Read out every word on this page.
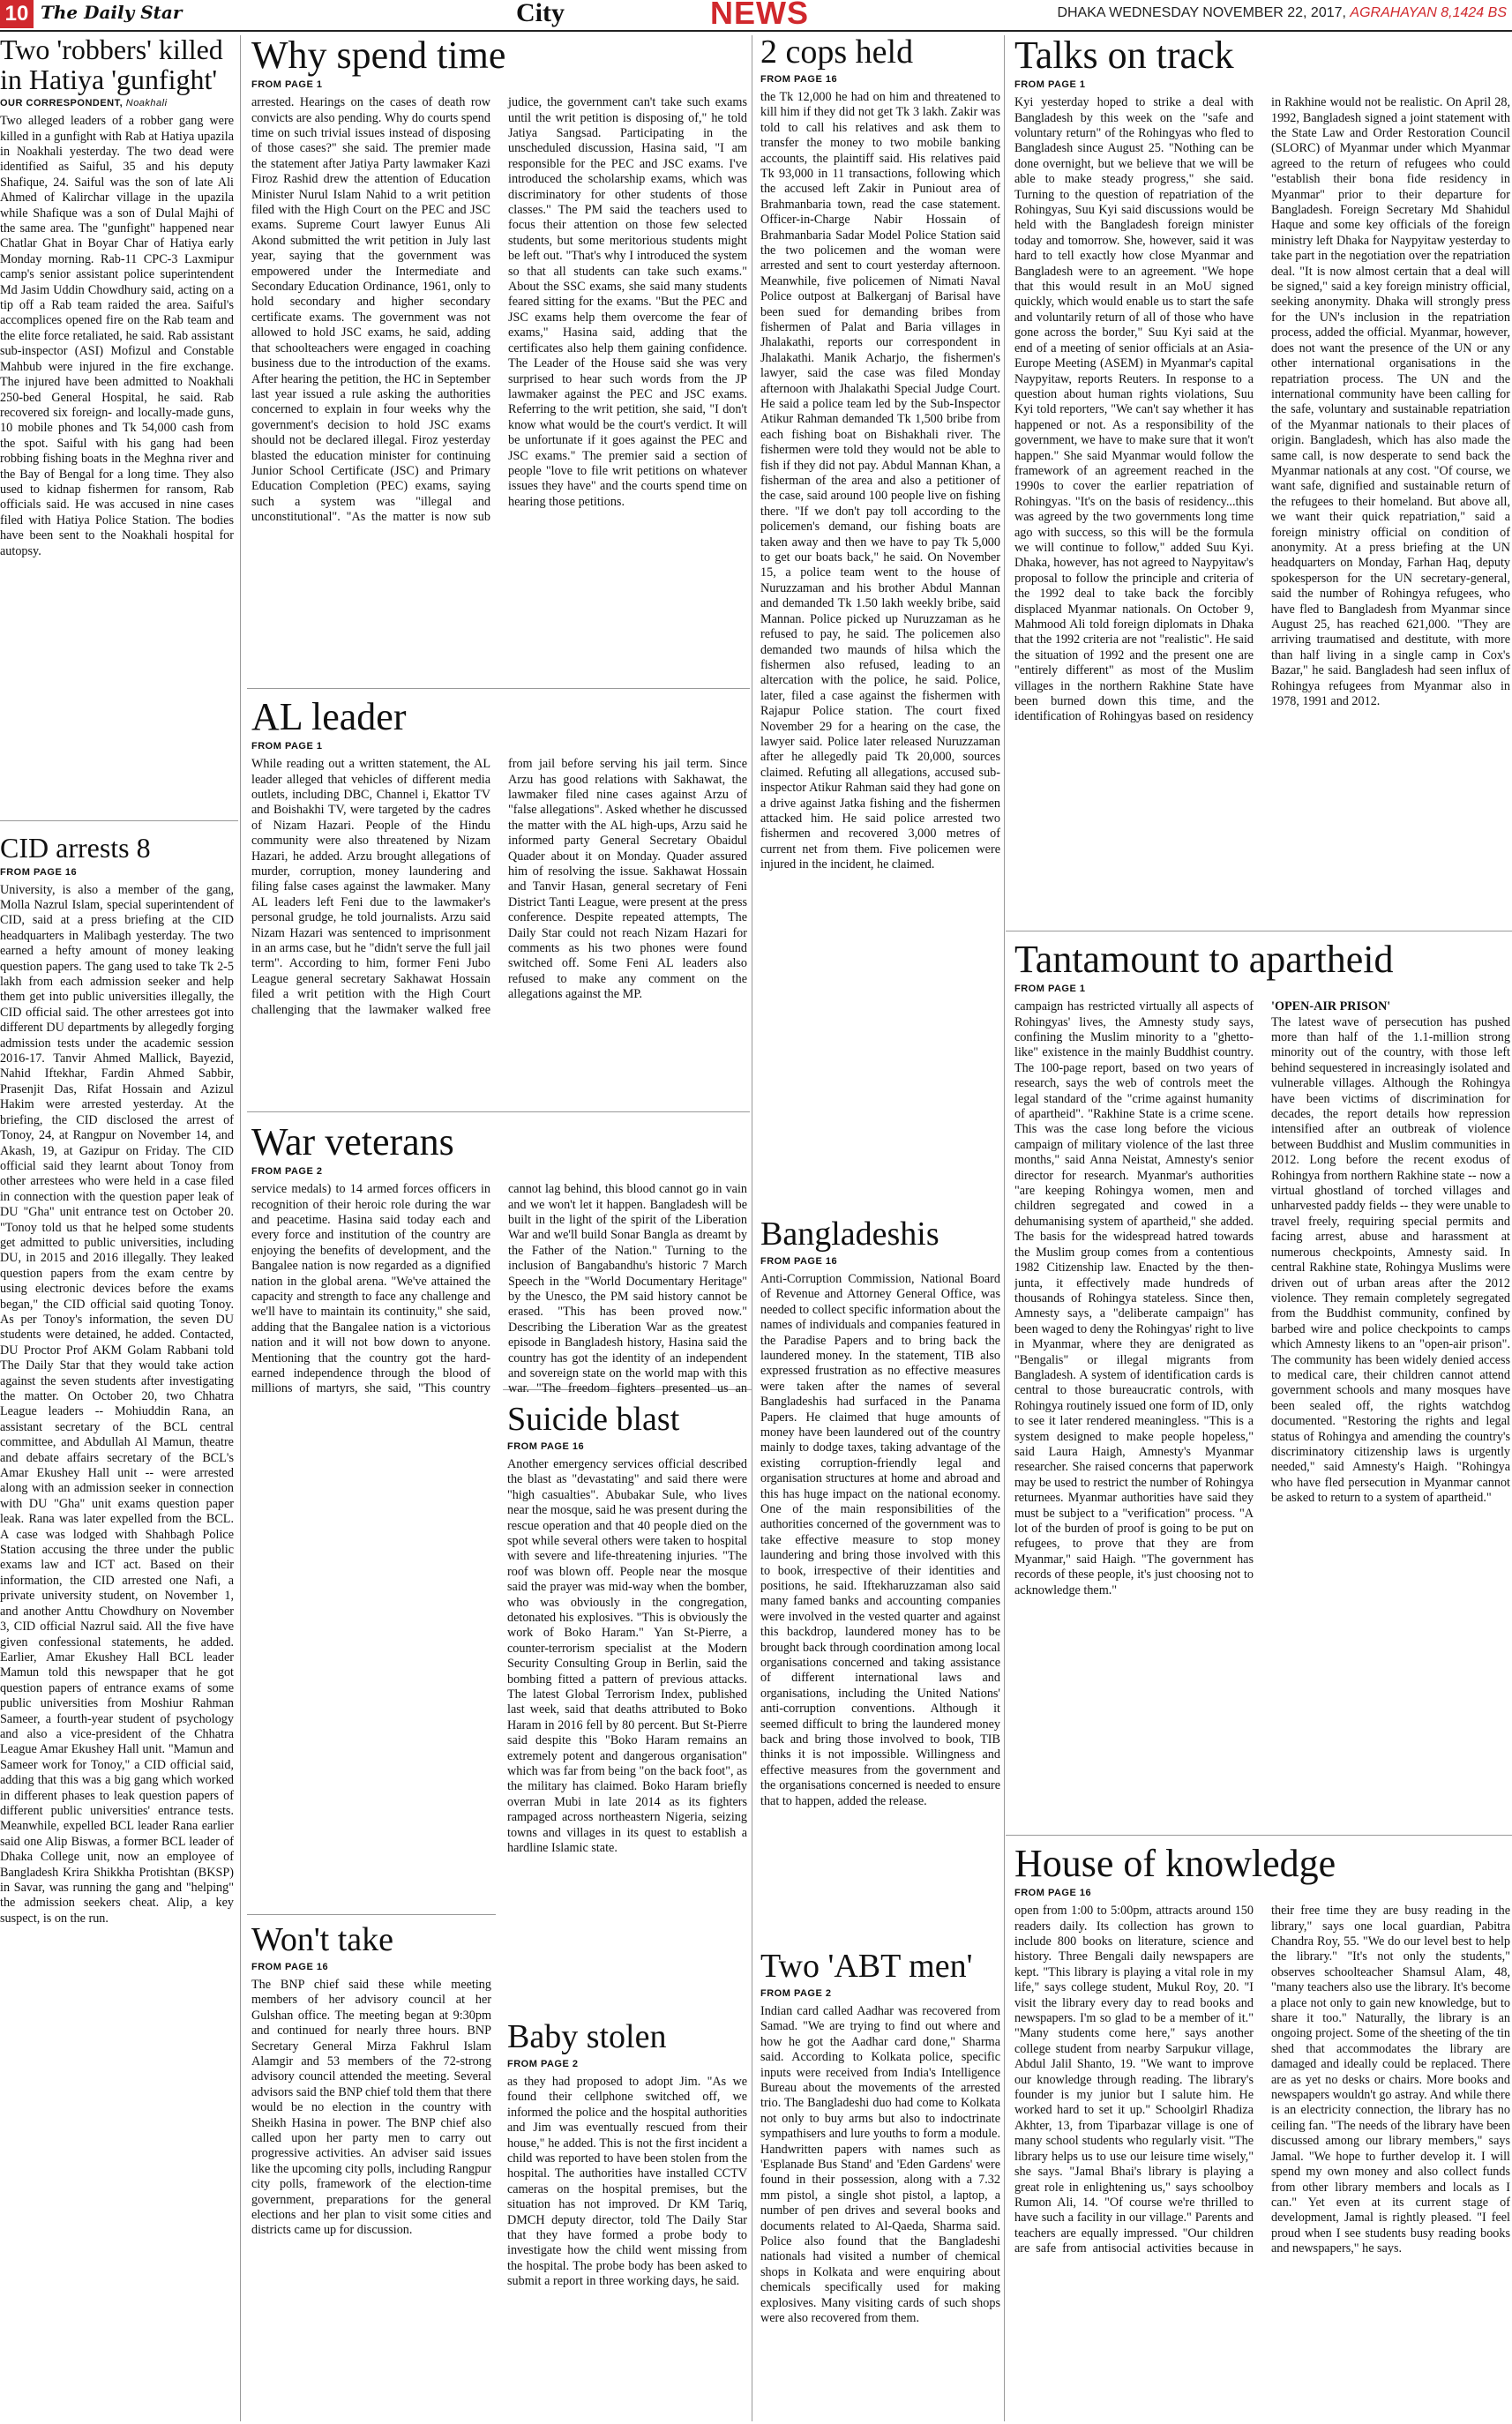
10 The Daily Star	City	NEWS	DHAKA WEDNESDAY NOVEMBER 22, 2017, AGRAHAYAN 8,1424 BS
Two 'robbers' killed in Hatiya 'gunfight'
OUR CORRESPONDENT, Noakhali
Two alleged leaders of a robber gang were killed in a gunfight with Rab at Hatiya upazila in Noakhali yesterday. The two dead were identified as Saiful, 35 and his deputy Shafique, 24. Saiful was the son of late Ali Ahmed of Kalirchar village in the upazila while Shafique was a son of Dulal Majhi of the same area. The "gunfight" happened near Chatlar Ghat in Boyar Char of Hatiya early Monday morning. Rab-11 CPC-3 Laxmipur camp's senior assistant police superintendent Md Jasim Uddin Chowdhury said, acting on a tip off a Rab team raided the area. Saiful's accomplices opened fire on the Rab team and the elite force retaliated, he said. Rab assistant sub-inspector (ASI) Mofizul and Constable Mahbub were injured in the fire exchange. The injured have been admitted to Noakhali 250-bed General Hospital, he said. Rab recovered six foreign- and locally-made guns, 10 mobile phones and Tk 54,000 cash from the spot. Saiful with his gang had been robbing fishing boats in the Meghna river and the Bay of Bengal for a long time. They also used to kidnap fishermen for ransom, Rab officials said. He was accused in nine cases filed with Hatiya Police Station. The bodies have been sent to the Noakhali hospital for autopsy.
CID arrests 8
FROM PAGE 16
University, is also a member of the gang, Molla Nazrul Islam, special superintendent of CID, said at a press briefing at the CID headquarters in Malibagh yesterday. The two earned a hefty amount of money leaking question papers. The gang used to take Tk 2-5 lakh from each admission seeker and help them get into public universities illegally, the CID official said. The other arrestees got into different DU departments by allegedly forging admission tests under the academic session 2016-17. Tanvir Ahmed Mallick, Bayezid, Nahid Iftekhar, Fardin Ahmed Sabbir, Prasenjit Das, Rifat Hossain and Azizul Hakim were arrested yesterday. At the briefing, the CID disclosed the arrest of Tonoy, 24, at Rangpur on November 14, and Akash, 19, at Gazipur on Friday. The CID official said they learnt about Tonoy from other arrestees who were held in a case filed in connection with the question paper leak of DU "Gha" unit entrance test on October 20. "Tonoy told us that he helped some students get admitted to public universities, including DU, in 2015 and 2016 illegally. They leaked question papers from the exam centre by using electronic devices before the exams began," the CID official said quoting Tonoy. As per Tonoy's information, the seven DU students were detained, he added. Contacted, DU Proctor Prof AKM Golam Rabbani told The Daily Star that they would take action against the seven students after investigating the matter. On October 20, two Chhatra League leaders -- Mohiuddin Rana, an assistant secretary of the BCL central committee, and Abdullah Al Mamun, theatre and debate affairs secretary of the BCL's Amar Ekushey Hall unit -- were arrested along with an admission seeker in connection with DU "Gha" unit exams question paper leak. Rana was later expelled from the BCL. A case was lodged with Shahbagh Police Station accusing the three under the public exams law and ICT act. Based on their information, the CID arrested one Nafi, a private university student, on November 1, and another Anttu Chowdhury on November 3, CID official Nazrul said. All the five have given confessional statements, he added. Earlier, Amar Ekushey Hall BCL leader Mamun told this newspaper that he got question papers of entrance exams of some public universities from Moshiur Rahman Sameer, a fourth-year student of psychology and also a vice-president of the Chhatra League Amar Ekushey Hall unit. "Mamun and Sameer work for Tonoy," a CID official said, adding that this was a big gang which worked in different phases to leak question papers of different public universities' entrance tests. Meanwhile, expelled BCL leader Rana earlier said one Alip Biswas, a former BCL leader of Dhaka College unit, now an employee of Bangladesh Krira Shikkha Protishtan (BKSP) in Savar, was running the gang and "helping" the admission seekers cheat. Alip, a key suspect, is on the run.
Why spend time
FROM PAGE 1
arrested. Hearings on the cases of death row convicts are also pending. Why do courts spend time on such trivial issues instead of disposing of those cases?" she said. The premier made the statement after Jatiya Party lawmaker Kazi Firoz Rashid drew the attention of Education Minister Nurul Islam Nahid to a writ petition filed with the High Court on the PEC and JSC exams. Supreme Court lawyer Eunus Ali Akond submitted the writ petition in July last year, saying that the government was empowered under the Intermediate and Secondary Education Ordinance, 1961, only to hold secondary and higher secondary certificate exams. The government was not allowed to hold JSC exams, he said, adding that schoolteachers were engaged in coaching business due to the introduction of the exams. After hearing the petition, the HC in September last year issued a rule asking the authorities concerned to explain in four weeks why the government's decision to hold JSC exams should not be declared illegal. Firoz yesterday blasted the education minister for continuing Junior School Certificate (JSC) and Primary Education Completion (PEC) exams, saying such a system was "illegal and unconstitutional". "As the matter is now sub judice, the government can't take such exams until the writ petition is disposing of," he told Jatiya Sangsad. Participating in the unscheduled discussion, Hasina said, "I am responsible for the PEC and JSC exams. I've introduced the scholarship exams, which was discriminatory for other students of those classes." The PM said the teachers used to focus their attention on those few selected students, but some meritorious students might be left out. "That's why I introduced the system so that all students can take such exams." About the SSC exams, she said many students feared sitting for the exams. "But the PEC and JSC exams help them overcome the fear of exams," Hasina said, adding that the certificates also help them gaining confidence. The Leader of the House said she was very surprised to hear such words from the JP lawmaker against the PEC and JSC exams. Referring to the writ petition, she said, "I don't know what would be the court's verdict. It will be unfortunate if it goes against the PEC and JSC exams." The premier said a section of people "love to file writ petitions on whatever issues they have" and the courts spend time on hearing those petitions.
AL leader
FROM PAGE 1
While reading out a written statement, the AL leader alleged that vehicles of different media outlets, including DBC, Channel i, Ekattor TV and Boishakhi TV, were targeted by the cadres of Nizam Hazari. People of the Hindu community were also threatened by Nizam Hazari, he added. Arzu brought allegations of murder, corruption, money laundering and filing false cases against the lawmaker. Many AL leaders left Feni due to the lawmaker's personal grudge, he told journalists. Arzu said Nizam Hazari was sentenced to imprisonment in an arms case, but he "didn't serve the full jail term". According to him, former Feni Jubo League general secretary Sakhawat Hossain filed a writ petition with the High Court challenging that the lawmaker walked free from jail before serving his jail term. Since Arzu has good relations with Sakhawat, the lawmaker filed nine cases against Arzu of "false allegations". Asked whether he discussed the matter with the AL high-ups, Arzu said he informed party General Secretary Obaidul Quader about it on Monday. Quader assured him of resolving the issue. Sakhawat Hossain and Tanvir Hasan, general secretary of Feni District Tanti League, were present at the press conference. Despite repeated attempts, The Daily Star could not reach Nizam Hazari for comments as his two phones were found switched off. Some Feni AL leaders also refused to make any comment on the allegations against the MP.
War veterans
FROM PAGE 2
service medals) to 14 armed forces officers in recognition of their heroic role during the war and peacetime. Hasina said today each and every force and institution of the country are enjoying the benefits of development, and the Bangalee nation is now regarded as a dignified nation in the global arena. "We've attained the capacity and strength to face any challenge and we'll have to maintain its continuity," she said, adding that the Bangalee nation is a victorious nation and it will not bow down to anyone. Mentioning that the country got the hard-earned independence through the blood of millions of martyrs, she said, "This country cannot lag behind, this blood cannot go in vain and we won't let it happen. Bangladesh will be built in the light of the spirit of the Liberation War and we'll build Sonar Bangla as dreamt by the Father of the Nation." Turning to the inclusion of Bangabandhu's historic 7 March Speech in the "World Documentary Heritage" by the Unesco, the PM said history cannot be erased. "This has been proved now." Describing the Liberation War as the greatest episode in Bangladesh history, Hasina said the country has got the identity of an independent and sovereign state on the world map with this war. "The freedom fighters presented us an
Won't take
FROM PAGE 16
The BNP chief said these while meeting members of her advisory council at her Gulshan office. The meeting began at 9:30pm and continued for nearly three hours. BNP Secretary General Mirza Fakhrul Islam Alamgir and 53 members of the 72-strong advisory council attended the meeting. Several advisors said the BNP chief told them that there would be no election in the country with Sheikh Hasina in power. The BNP chief also called upon her party men to carry out progressive activities. An adviser said issues like the upcoming city polls, including Rangpur city polls, framework of the election-time government, preparations for the general elections and her plan to visit some cities and districts came up for discussion.
Suicide blast
FROM PAGE 16
Another emergency services official described the blast as "devastating" and said there were "high casualties". Abubakar Sule, who lives near the mosque, said he was present during the rescue operation and that 40 people died on the spot while several others were taken to hospital with severe and life-threatening injuries. "The roof was blown off. People near the mosque said the prayer was mid-way when the bomber, who was obviously in the congregation, detonated his explosives. "This is obviously the work of Boko Haram." Yan St-Pierre, a counter-terrorism specialist at the Modern Security Consulting Group in Berlin, said the bombing fitted a pattern of previous attacks. The latest Global Terrorism Index, published last week, said that deaths attributed to Boko Haram in 2016 fell by 80 percent. But St-Pierre said despite this "Boko Haram remains an extremely potent and dangerous organisation" which was far from being "on the back foot", as the military has claimed. Boko Haram briefly overran Mubi in late 2014 as its fighters rampaged across northeastern Nigeria, seizing towns and villages in its quest to establish a hardline Islamic state.
Baby stolen
FROM PAGE 2
as they had proposed to adopt Jim. "As we found their cellphone switched off, we informed the police and the hospital authorities and Jim was eventually rescued from their house," he added. This is not the first incident a child was reported to have been stolen from the hospital. The authorities have installed CCTV cameras on the hospital premises, but the situation has not improved. Dr KM Tariq, DMCH deputy director, told The Daily Star that they have formed a probe body to investigate how the child went missing from the hospital. The probe body has been asked to submit a report in three working days, he said.
2 cops held
FROM PAGE 16
the Tk 12,000 he had on him and threatened to kill him if they did not get Tk 3 lakh. Zakir was told to call his relatives and ask them to transfer the money to two mobile banking accounts, the plaintiff said. His relatives paid Tk 93,000 in 11 transactions, following which the accused left Zakir in Puniout area of Brahmanbaria town, read the case statement. Officer-in-Charge Nabir Hossain of Brahmanbaria Sadar Model Police Station said the two policemen and the woman were arrested and sent to court yesterday afternoon. Meanwhile, five policemen of Nimati Naval Police outpost at Balkerganj of Barisal have been sued for demanding bribes from fishermen of Palat and Baria villages in Jhalakathi, reports our correspondent in Jhalakathi. Manik Acharjo, the fishermen's lawyer, said the case was filed Monday afternoon with Jhalakathi Special Judge Court. He said a police team led by the Sub-Inspector Atikur Rahman demanded Tk 1,500 bribe from each fishing boat on Bishakhali river. The fishermen were told they would not be able to fish if they did not pay. Abdul Mannan Khan, a fisherman of the area and also a petitioner of the case, said around 100 people live on fishing there. "If we don't pay toll according to the policemen's demand, our fishing boats are taken away and then we have to pay Tk 5,000 to get our boats back," he said. On November 15, a police team went to the house of Nuruzzaman and his brother Abdul Mannan and demanded Tk 1.50 lakh weekly bribe, said Mannan. Police picked up Nuruzzaman as he refused to pay, he said. The policemen also demanded two maunds of hilsa which the fishermen also refused, leading to an altercation with the police, he said. Police, later, filed a case against the fishermen with Rajapur Police station. The court fixed November 29 for a hearing on the case, the lawyer said. Police later released Nuruzzaman after he allegedly paid Tk 20,000, sources claimed. Refuting all allegations, accused sub-inspector Atikur Rahman said they had gone on a drive against Jatka fishing and the fishermen attacked him. He said police arrested two fishermen and recovered 3,000 metres of current net from them. Five policemen were injured in the incident, he claimed.
Bangladeshis
FROM PAGE 16
Anti-Corruption Commission, National Board of Revenue and Attorney General Office, was needed to collect specific information about the names of individuals and companies featured in the Paradise Papers and to bring back the laundered money. In the statement, TIB also expressed frustration as no effective measures were taken after the names of several Bangladeshis had surfaced in the Panama Papers. He claimed that huge amounts of money have been laundered out of the country mainly to dodge taxes, taking advantage of the existing corruption-friendly legal and organisation structures at home and abroad and this has huge impact on the national economy. One of the main responsibilities of the authorities concerned of the government was to take effective measure to stop money laundering and bring those involved with this to book, irrespective of their identities and positions, he said. Iftekharuzzaman also said many famed banks and accounting companies were involved in the vested quarter and against this backdrop, laundered money has to be brought back through coordination among local organisations concerned and taking assistance of different international laws and organisations, including the United Nations' anti-corruption conventions. Although it seemed difficult to bring the laundered money back and bring those involved to book, TIB thinks it is not impossible. Willingness and effective measures from the government and the organisations concerned is needed to ensure that to happen, added the release.
Two 'ABT men'
FROM PAGE 2
Indian card called Aadhar was recovered from Samad. "We are trying to find out where and how he got the Aadhar card done," Sharma said. According to Kolkata police, specific inputs were received from India's Intelligence Bureau about the movements of the arrested trio. The Bangladeshi duo had come to Kolkata not only to buy arms but also to indoctrinate sympathisers and lure youths to form a module. Handwritten papers with names such as 'Esplanade Bus Stand' and 'Eden Gardens' were found in their possession, along with a 7.32 mm pistol, a single shot pistol, a laptop, a number of pen drives and several books and documents related to Al-Qaeda, Sharma said. Police also found that the Bangladeshi nationals had visited a number of chemical shops in Kolkata and were enquiring about chemicals specifically used for making explosives. Many visiting cards of such shops were also recovered from them.
Talks on track
FROM PAGE 1
Kyi yesterday hoped to strike a deal with Bangladesh by this week on the "safe and voluntary return" of the Rohingyas who fled to Bangladesh since August 25. "Nothing can be done overnight, but we believe that we will be able to make steady progress," she said. Turning to the question of repatriation of the Rohingyas, Suu Kyi said discussions would be held with the Bangladesh foreign minister today and tomorrow. She, however, said it was hard to tell exactly how close Myanmar and Bangladesh were to an agreement. "We hope that this would result in an MoU signed quickly, which would enable us to start the safe and voluntarily return of all of those who have gone across the border," Suu Kyi said at the end of a meeting of senior officials at an Asia-Europe Meeting (ASEM) in Myanmar's capital Naypyitaw, reports Reuters. In response to a question about human rights violations, Suu Kyi told reporters, "We can't say whether it has happened or not. As a responsibility of the government, we have to make sure that it won't happen." She said Myanmar would follow the framework of an agreement reached in the 1990s to cover the earlier repatriation of Rohingyas. "It's on the basis of residency...this was agreed by the two governments long time ago with success, so this will be the formula we will continue to follow," added Suu Kyi. Dhaka, however, has not agreed to Naypyitaw's proposal to follow the principle and criteria of the 1992 deal to take back the forcibly displaced Myanmar nationals. On October 9, Mahmood Ali told foreign diplomats in Dhaka that the 1992 criteria are not "realistic". He said the situation of 1992 and the present one are "entirely different" as most of the Muslim villages in the northern Rakhine State have been burned down this time, and the identification of Rohingyas based on residency in Rakhine would not be realistic. On April 28, 1992, Bangladesh signed a joint statement with the State Law and Order Restoration Council (SLORC) of Myanmar under which Myanmar agreed to the return of refugees who could "establish their bona fide residency in Myanmar" prior to their departure for Bangladesh. Foreign Secretary Md Shahidul Haque and some key officials of the foreign ministry left Dhaka for Naypyitaw yesterday to take part in the negotiation over the repatriation deal. "It is now almost certain that a deal will be signed," said a key foreign ministry official, seeking anonymity. Dhaka will strongly press for the UN's inclusion in the repatriation process, added the official. Myanmar, however, does not want the presence of the UN or any other international organisations in the repatriation process. The UN and the international community have been calling for the safe, voluntary and sustainable repatriation of the Myanmar nationals to their places of origin. Bangladesh, which has also made the same call, is now desperate to send back the Myanmar nationals at any cost. "Of course, we want safe, dignified and sustainable return of the refugees to their homeland. But above all, we want their quick repatriation," said a foreign ministry official on condition of anonymity. At a press briefing at the UN headquarters on Monday, Farhan Haq, deputy spokesperson for the UN secretary-general, said the number of Rohingya refugees, who have fled to Bangladesh from Myanmar since August 25, has reached 621,000. "They are arriving traumatised and destitute, with more than half living in a single camp in Cox's Bazar," he said. Bangladesh had seen influx of Rohingya refugees from Myanmar also in 1978, 1991 and 2012.
Tantamount to apartheid
FROM PAGE 1
campaign has restricted virtually all aspects of Rohingyas' lives, the Amnesty study says, confining the Muslim minority to a "ghetto-like" existence in the mainly Buddhist country. The 100-page report, based on two years of research, says the web of controls meet the legal standard of the "crime against humanity of apartheid". "Rakhine State is a crime scene. This was the case long before the vicious campaign of military violence of the last three months," said Anna Neistat, Amnesty's senior director for research. Myanmar's authorities "are keeping Rohingya women, men and children segregated and cowed in a dehumanising system of apartheid," she added. The basis for the widespread hatred towards the Muslim group comes from a contentious 1982 Citizenship law. Enacted by the then-junta, it effectively made hundreds of thousands of Rohingya stateless. Since then, Amnesty says, a "deliberate campaign" has been waged to deny the Rohingyas' right to live in Myanmar, where they are denigrated as "Bengalis" or illegal migrants from Bangladesh. A system of identification cards is central to those bureaucratic controls, with Rohingya routinely issued one form of ID, only to see it later rendered meaningless. "This is a system designed to make people hopeless," said Laura Haigh, Amnesty's Myanmar researcher. She raised concerns that paperwork may be used to restrict the number of Rohingya returnees. Myanmar authorities have said they must be subject to a "verification" process. "A lot of the burden of proof is going to be put on refugees, to prove that they are from Myanmar," said Haigh. "The government has records of these people, it's just choosing not to acknowledge them."
'OPEN-AIR PRISON'
The latest wave of persecution has pushed more than half of the 1.1-million strong minority out of the country, with those left behind sequestered in increasingly isolated and vulnerable villages. Although the Rohingya have been victims of discrimination for decades, the report details how repression intensified after an outbreak of violence between Buddhist and Muslim communities in 2012. Long before the recent exodus of Rohingya from northern Rakhine state -- now a virtual ghostland of torched villages and unharvested paddy fields -- they were unable to travel freely, requiring special permits and facing arrest, abuse and harassment at numerous checkpoints, Amnesty said. In central Rakhine state, Rohingya Muslims were driven out of urban areas after the 2012 violence. They remain completely segregated from the Buddhist community, confined by barbed wire and police checkpoints to camps which Amnesty likens to an "open-air prison". The community has been widely denied access to medical care, their children cannot attend government schools and many mosques have been sealed off, the rights watchdog documented. "Restoring the rights and legal status of Rohingya and amending the country's discriminatory citizenship laws is urgently needed," said Amnesty's Haigh. "Rohingya who have fled persecution in Myanmar cannot be asked to return to a system of apartheid."
House of knowledge
FROM PAGE 16
open from 1:00 to 5:00pm, attracts around 150 readers daily. Its collection has grown to include 800 books on literature, science and history. Three Bengali daily newspapers are kept. "This library is playing a vital role in my life," says college student, Mukul Roy, 20. "I visit the library every day to read books and newspapers. I'm so glad to be a member of it." "Many students come here," says another college student from nearby Sarpukur village, Abdul Jalil Shanto, 19. "We want to improve our knowledge through reading. The library's founder is my junior but I salute him. He worked hard to set it up." Schoolgirl Rhadiza Akhter, 13, from Tiparbazar village is one of many school students who regularly visit. "The library helps us to use our leisure time wisely," she says. "Jamal Bhai's library is playing a great role in enlightening us," says schoolboy Rumon Ali, 14. "Of course we're thrilled to have such a facility in our village." Parents and teachers are equally impressed. "Our children are safe from antisocial activities because in their free time they are busy reading in the library," says one local guardian, Pabitra Chandra Roy, 55. "We do our level best to help the library." "It's not only the students," observes schoolteacher Shamsul Alam, 48, "many teachers also use the library. It's become a place not only to gain new knowledge, but to share it too." Naturally, the library is an ongoing project. Some of the sheeting of the tin shed that accommodates the library are damaged and ideally could be replaced. There are as yet no desks or chairs. More books and newspapers wouldn't go astray. And while there is an electricity connection, the library has no ceiling fan. "The needs of the library have been discussed among our library members," says Jamal. "We hope to further develop it. I will spend my own money and also collect funds from other library members and locals as I can." Yet even at its current stage of development, Jamal is rightly pleased. "I feel proud when I see students busy reading books and newspapers," he says.
